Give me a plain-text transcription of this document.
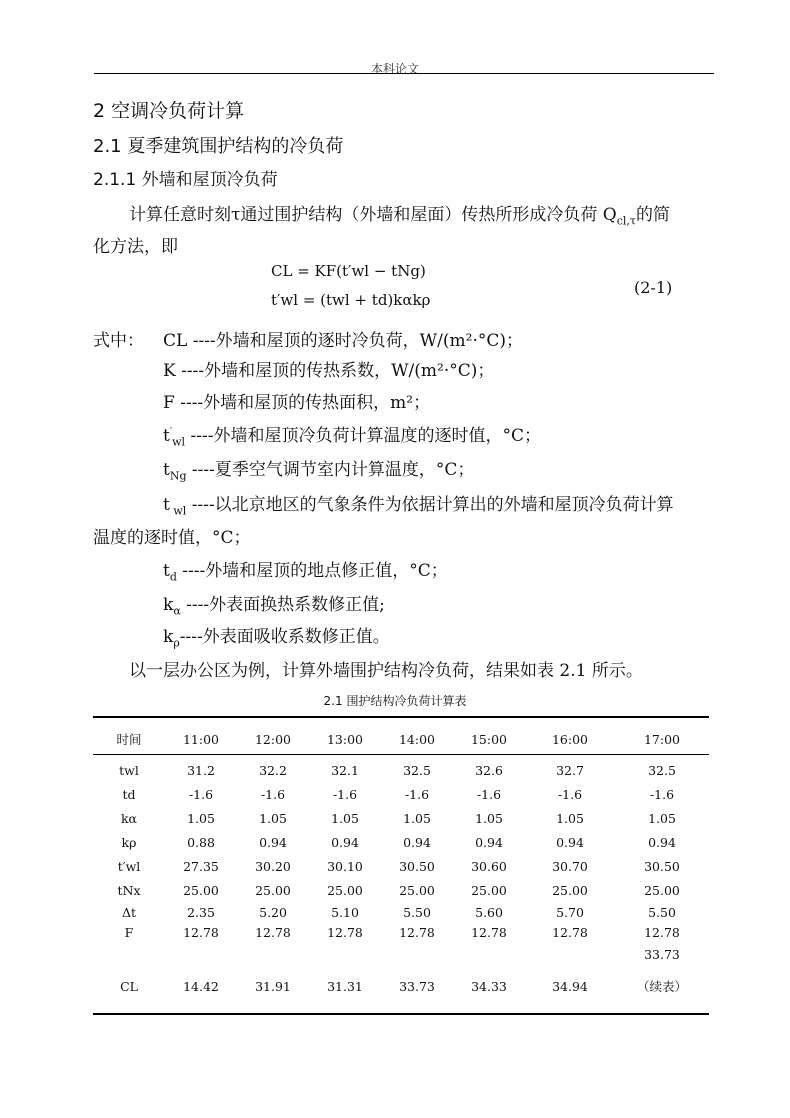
本科论文
2 空调冷负荷计算
2.1 夏季建筑围护结构的冷负荷
2.1.1 外墙和屋顶冷负荷
计算任意时刻τ通过围护结构（外墙和屋面）传热所形成冷负荷 $Q_{cl,\tau}$的简
化方法，即
CL = KF(t′wl − tNg)
t′wl = (twl + td)kαkρ
(2-1)
式中： CL ----外墙和屋顶的逐时冷负荷，W/(m²·°C)；
K ----外墙和屋顶的传热系数，W/(m²·°C)；
F ----外墙和屋顶的传热面积，m²；
$t'_{wl}$ ----外墙和屋顶冷负荷计算温度的逐时值，°C；
$t_{Ng}$ ----夏季空气调节室内计算温度，°C；
t $_{wl}$ ----以北京地区的气象条件为依据计算出的外墙和屋顶冷负荷计算
温度的逐时值，°C；
$t_d$ ----外墙和屋顶的地点修正值，°C；
$k_\alpha$ ----外表面换热系数修正值;
$k_\rho----$外表面吸收系数修正值。
以一层办公区为例，计算外墙围护结构冷负荷，结果如表 2.1 所示。
2.1 围护结构冷负荷计算表
时间	11:00	12:00	13:00	14:00	15:00	16:00	17:00
twl	31.2	32.2	32.1	32.5	32.6	32.7	32.5
td	-1.6	-1.6	-1.6	-1.6	-1.6	-1.6	-1.6
kα	1.05	1.05	1.05	1.05	1.05	1.05	1.05
kρ	0.88	0.94	0.94	0.94	0.94	0.94	0.94
t′wl	27.35	30.20	30.10	30.50	30.60	30.70	30.50
tNx	25.00	25.00	25.00	25.00	25.00	25.00	25.00
Δt	2.35	5.20	5.10	5.50	5.60	5.70	5.50
F	12.78	12.78	12.78	12.78	12.78	12.78	12.78
							33.73
CL	14.42	31.91	31.31	33.73	34.33	34.94	（续表）
